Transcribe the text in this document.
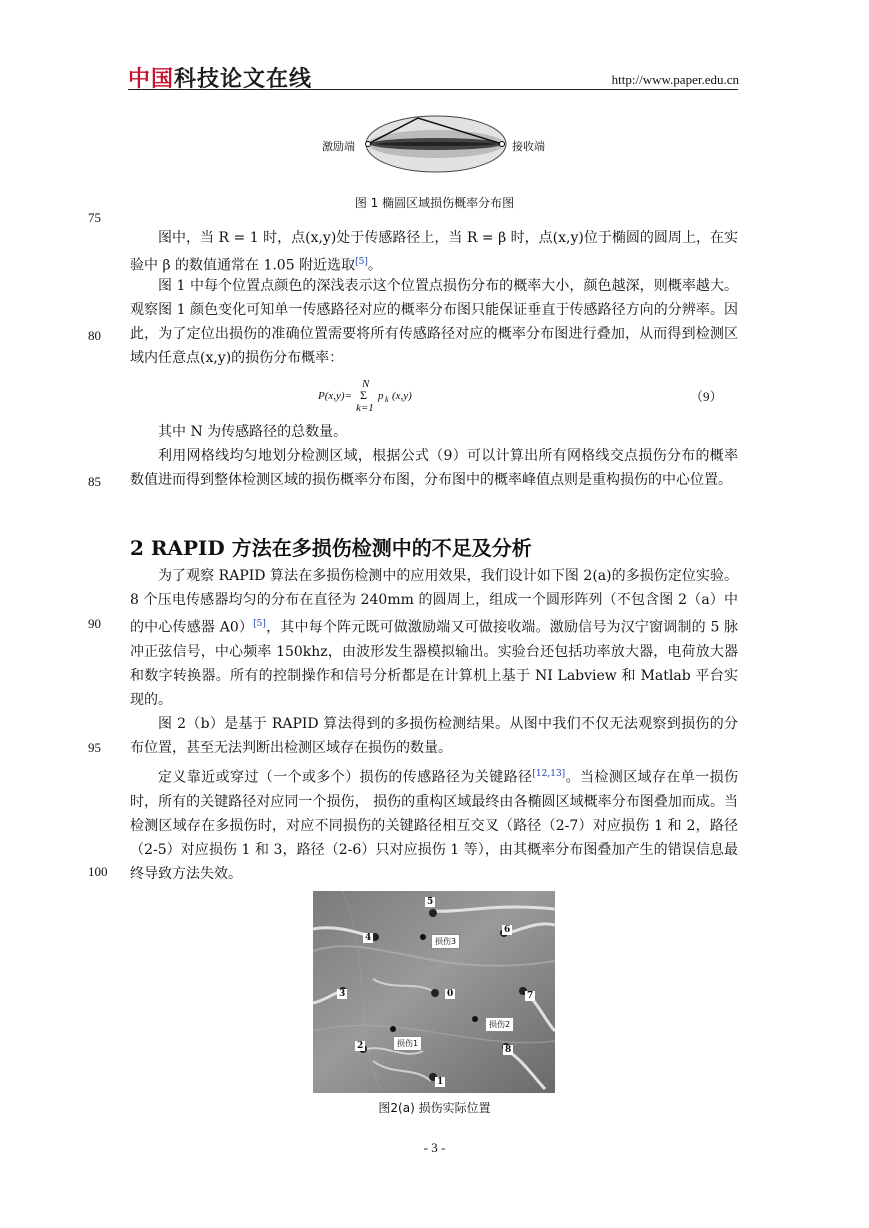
中国科技论文在线	http://www.paper.edu.cn
激励端	接收端
图 1 椭圆区域损伤概率分布图
75
80
85
90
95
100
图中，当 R = 1 时，点(x,y)处于传感路径上，当 R = β 时，点(x,y)位于椭圆的圆周上，在实验中 β 的数值通常在 1.05 附近选取[5]。
图 1 中每个位置点颜色的深浅表示这个位置点损伤分布的概率大小，颜色越深，则概率越大。观察图 1 颜色变化可知单一传感路径对应的概率分布图只能保证垂直于传感路径方向的分辨率。因此，为了定位出损伤的准确位置需要将所有传感路径对应的概率分布图进行叠加，从而得到检测区域内任意点(x,y)的损伤分布概率：
P(x,y)=
N
Σ
k=1
p k (x,y)	（9）
其中 N 为传感路径的总数量。
利用网格线均匀地划分检测区域，根据公式（9）可以计算出所有网格线交点损伤分布的概率数值进而得到整体检测区域的损伤概率分布图，分布图中的概率峰值点则是重构损伤的中心位置。
2 RAPID 方法在多损伤检测中的不足及分析
为了观察 RAPID 算法在多损伤检测中的应用效果，我们设计如下图 2(a)的多损伤定位实验。8 个压电传感器均匀的分布在直径为 240mm 的圆周上，组成一个圆形阵列（不包含图 2（a）中的中心传感器 A0）[5]，其中每个阵元既可做激励端又可做接收端。激励信号为汉宁窗调制的 5 脉冲正弦信号，中心频率 150khz，由波形发生器模拟输出。实验台还包括功率放大器，电荷放大器和数字转换器。所有的控制操作和信号分析都是在计算机上基于 NI Labview 和 Matlab 平台实现的。
图 2（b）是基于 RAPID 算法得到的多损伤检测结果。从图中我们不仅无法观察到损伤的分布位置，甚至无法判断出检测区域存在损伤的数量。
定义靠近或穿过（一个或多个）损伤的传感路径为关键路径[12,13]。当检测区域存在单一损伤时，所有的关键路径对应同一个损伤， 损伤的重构区域最终由各椭圆区域概率分布图叠加而成。当检测区域存在多损伤时，对应不同损伤的关键路径相互交叉（路径（2-7）对应损伤 1 和 2，路径（2-5）对应损伤 1 和 3，路径（2-6）只对应损伤 1 等），由其概率分布图叠加产生的错误信息最终导致方法失效。
5
6
4
3	0	7
2	8
1
损伤3
损伤2
损伤1
图2(a) 损伤实际位置
- 3 -
